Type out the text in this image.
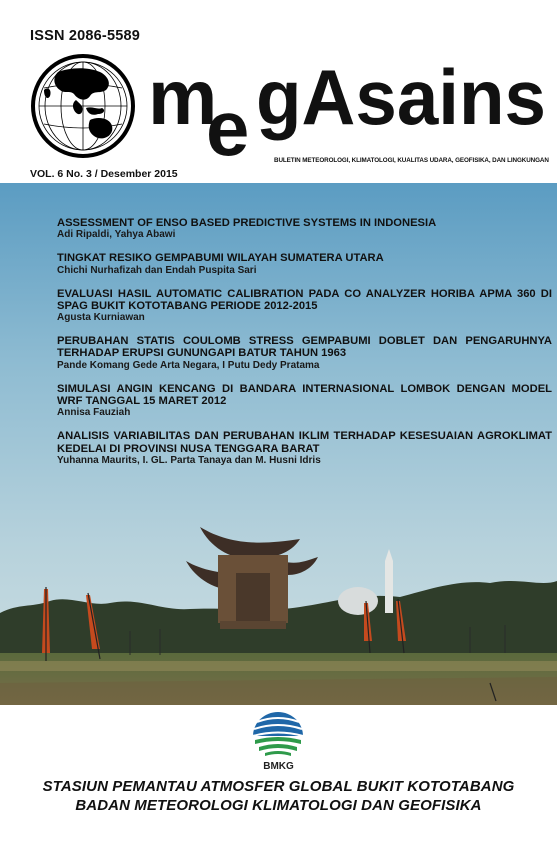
ISSN 2086-5589
m
e gAsains
BULETIN METEOROLOGI, KLIMATOLOGI, KUALITAS UDARA, GEOFISIKA, DAN LINGKUNGAN
VOL. 6 No. 3 / Desember 2015
ASSESSMENT OF ENSO BASED PREDICTIVE SYSTEMS IN INDONESIA
Adi Ripaldi, Yahya Abawi
TINGKAT RESIKO GEMPABUMI WILAYAH SUMATERA UTARA
Chichi Nurhafizah dan Endah Puspita Sari
EVALUASI HASIL AUTOMATIC CALIBRATION PADA CO ANALYZER HORIBA APMA 360 DI SPAG BUKIT KOTOTABANG PERIODE 2012-2015
Agusta Kurniawan
PERUBAHAN STATIS COULOMB STRESS GEMPABUMI DOBLET DAN PENGARUHNYA TERHADAP ERUPSI GUNUNGAPI BATUR TAHUN 1963
Pande Komang Gede Arta Negara, I Putu Dedy Pratama
SIMULASI ANGIN KENCANG DI BANDARA INTERNASIONAL LOMBOK DENGAN MODEL WRF TANGGAL 15 MARET 2012
Annisa Fauziah
ANALISIS VARIABILITAS DAN PERUBAHAN IKLIM TERHADAP KESESUAIAN AGROKLIMAT KEDELAI DI PROVINSI NUSA TENGGARA BARAT
Yuhanna Maurits, I. GL. Parta Tanaya dan M. Husni Idris
BMKG
STASIUN PEMANTAU ATMOSFER GLOBAL BUKIT KOTOTABANG
BADAN METEOROLOGI KLIMATOLOGI DAN GEOFISIKA
